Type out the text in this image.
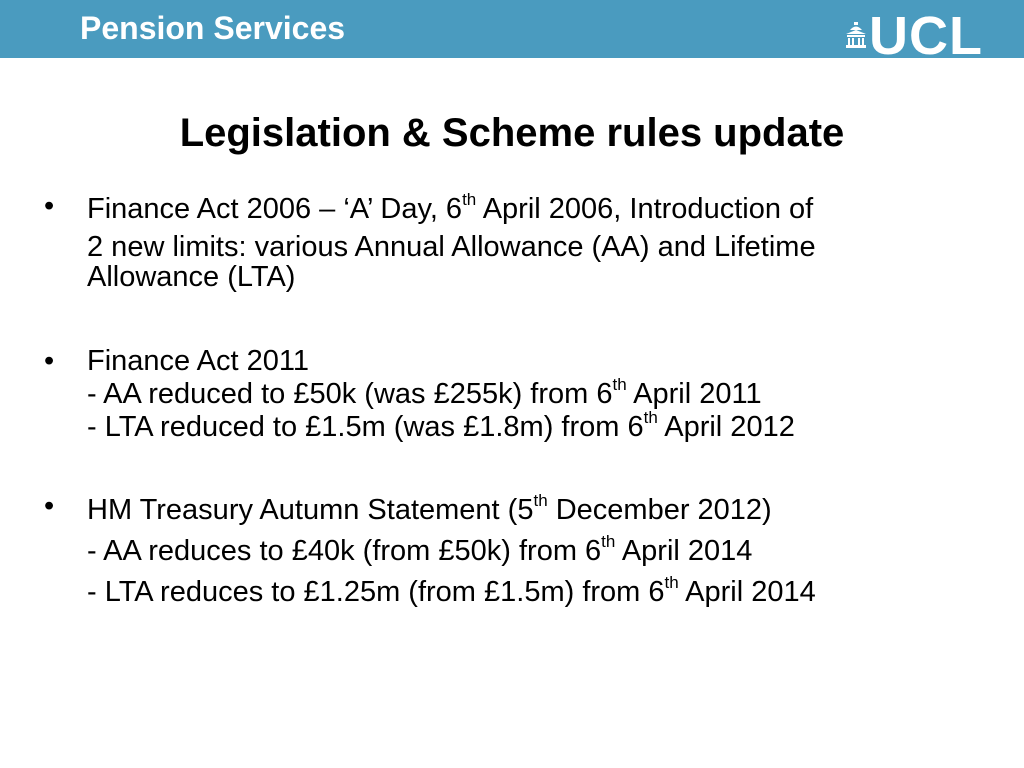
Pension Services	UCL
Legislation & Scheme rules update
•	Finance Act 2006 – ‘A’ Day, 6th April 2006, Introduction of
2 new limits: various Annual Allowance (AA) and Lifetime
Allowance (LTA)
•	Finance Act 2011
- AA reduced to £50k (was £255k) from 6th April 2011
- LTA reduced to £1.5m (was £1.8m) from 6th April 2012
•	HM Treasury Autumn Statement (5th December 2012)
- AA reduces to £40k (from £50k) from 6th April 2014
- LTA reduces to £1.25m (from £1.5m) from 6th April 2014
